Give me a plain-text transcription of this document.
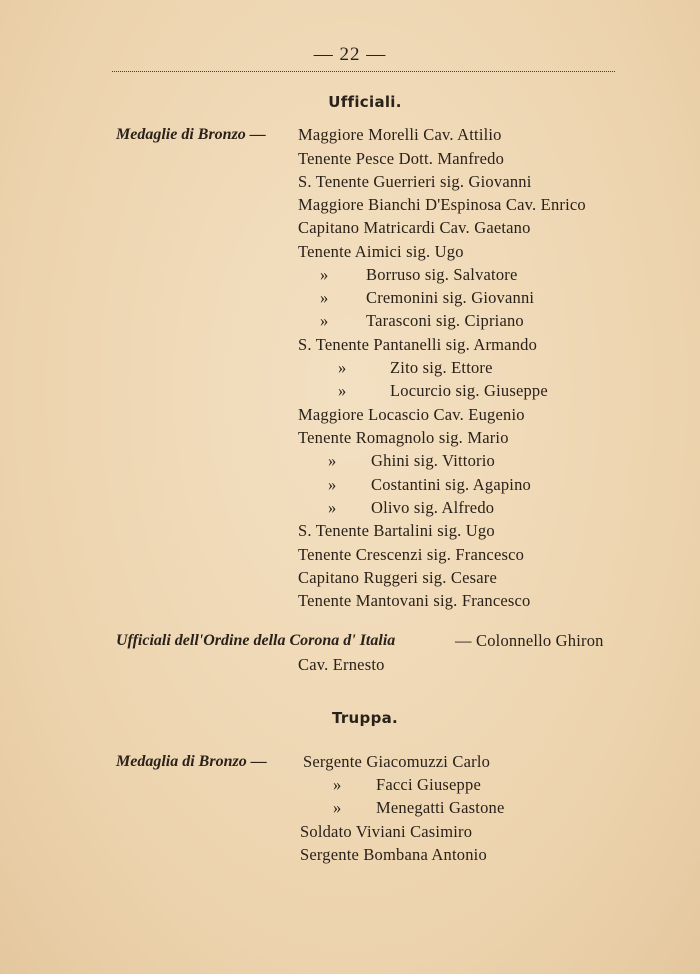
— 22 —
Ufficiali.
Medaglie di Bronzo — Maggiore Morelli Cav. Attilio
Tenente Pesce Dott. Manfredo
S. Tenente Guerrieri sig. Giovanni
Maggiore Bianchi D'Espinosa Cav. Enrico
Capitano Matricardi Cav. Gaetano
Tenente Aimici sig. Ugo
» Borruso sig. Salvatore
» Cremonini sig. Giovanni
» Tarasconi sig. Cipriano
S. Tenente Pantanelli sig. Armando
»	Zito sig. Ettore
»	Locurcio sig. Giuseppe
Maggiore Locascio Cav. Eugenio
Tenente Romagnolo sig. Mario
» Ghini sig. Vittorio
» Costantini sig. Agapino
» Olivo sig. Alfredo
S. Tenente Bartalini sig. Ugo
Tenente Crescenzi sig. Francesco
Capitano Ruggeri sig. Cesare
Tenente Mantovani sig. Francesco
Ufficiali dell'Ordine della Corona d' Italia	— Colonnello Ghiron
Cav. Ernesto
Truppa.
Medaglia di Bronzo — Sergente Giacomuzzi Carlo
» Facci Giuseppe
» Menegatti Gastone
Soldato Viviani Casimiro
Sergente Bombana Antonio
